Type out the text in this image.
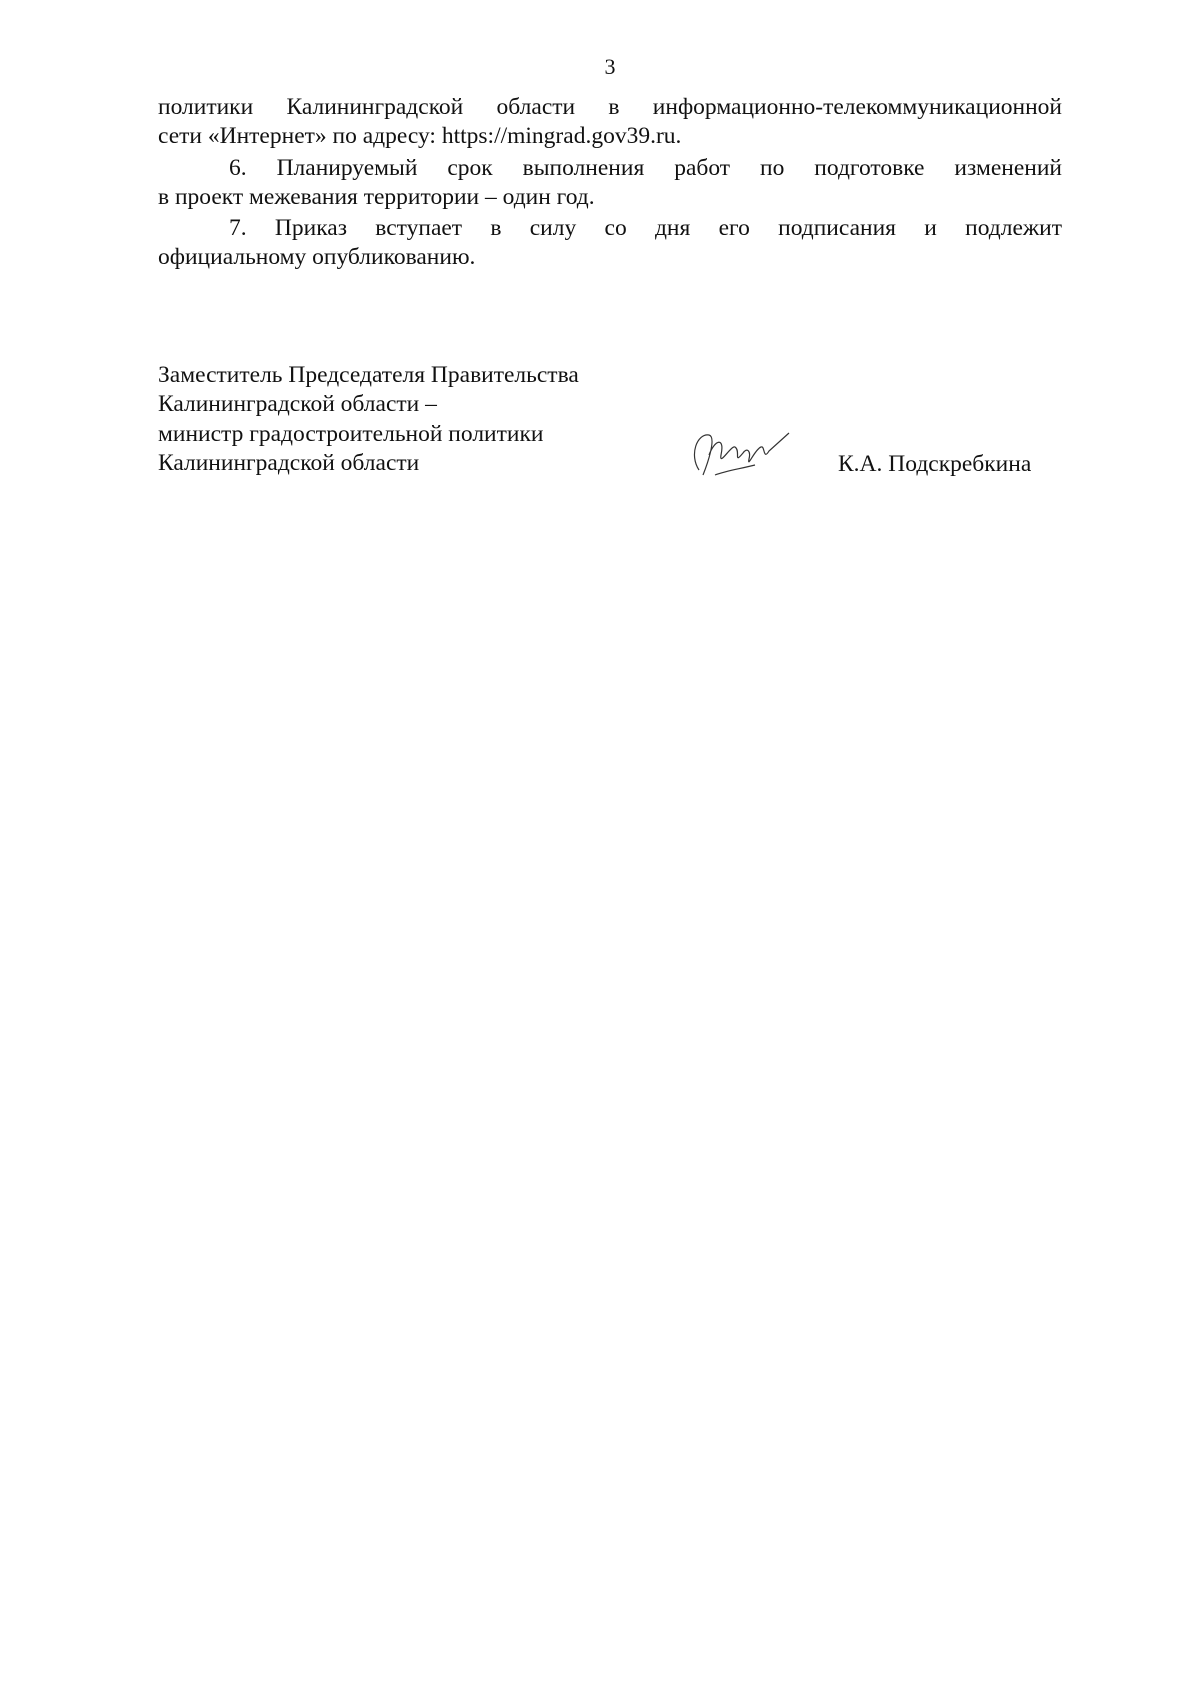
3
политики Калининградской области в информационно-телекоммуникационной
сети «Интернет» по адресу: https://mingrad.gov39.ru.
6. Планируемый срок выполнения работ по подготовке изменений
в проект межевания территории – один год.
7. Приказ вступает в силу со дня его подписания и подлежит
официальному опубликованию.
Заместитель Председателя Правительства
Калининградской области –
министр градостроительной политики
Калининградской области	К.А. Подскребкина
